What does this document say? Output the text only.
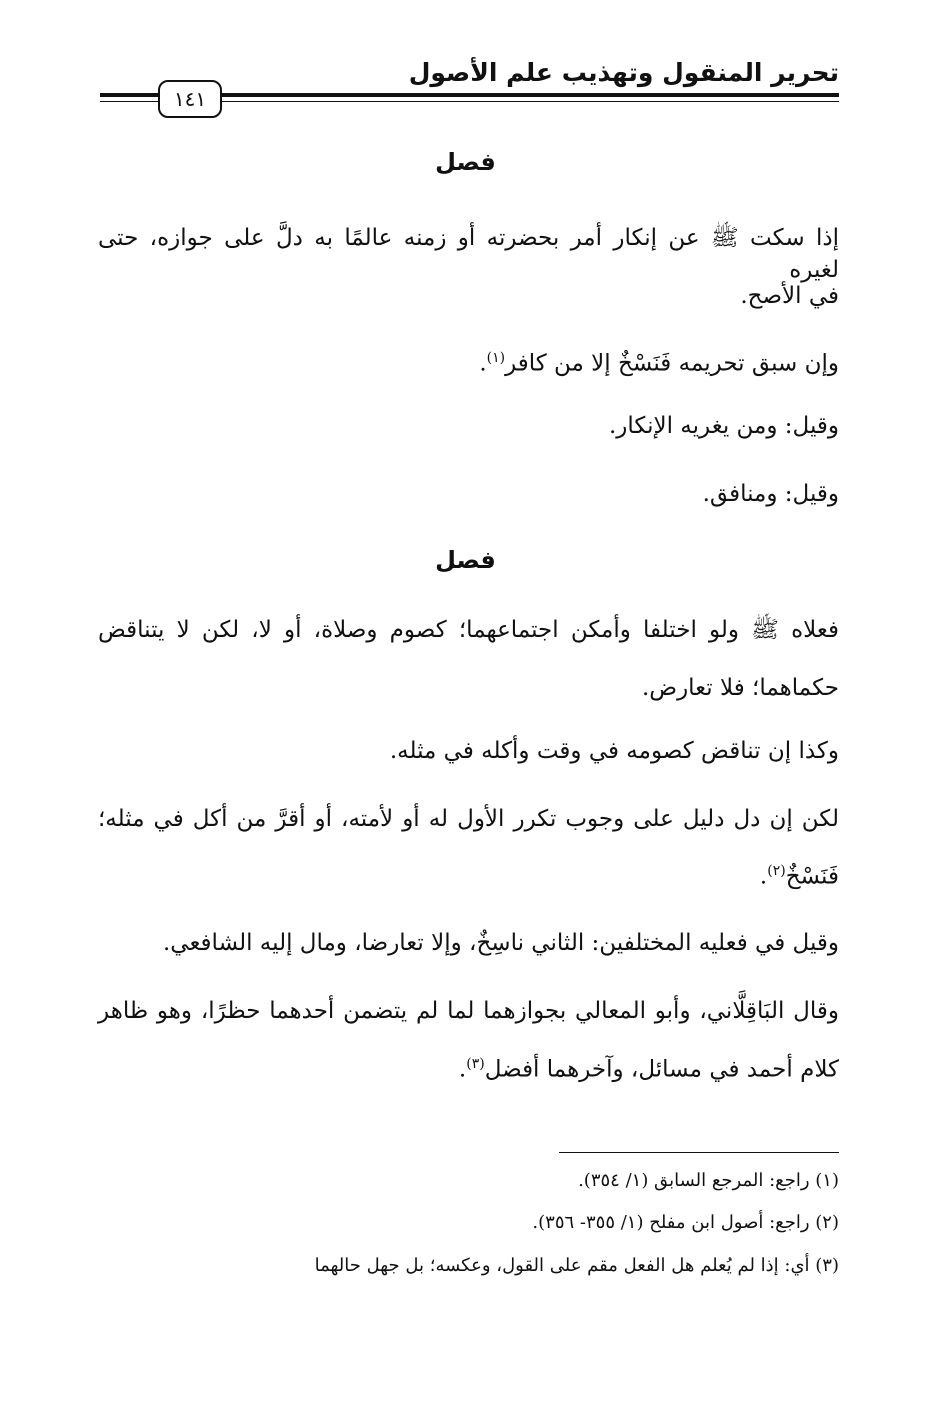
تحرير المنقول وتهذيب علم الأصول
١٤١
فصل
إذا سكت ﷺ عن إنكار أمر بحضرته أو زمنه عالمًا به دلَّ على جوازه، حتى لغيره
في الأصح.
وإن سبق تحريمه فَنَسْخٌ إلا من كافر$^{(١)}$.
وقيل: ومن يغريه الإنكار.
وقيل: ومنافق.
فصل
فعلاه ﷺ ولو اختلفا وأمكن اجتماعهما؛ كصوم وصلاة، أو لا، لكن لا يتناقض
حكماهما؛ فلا تعارض.
وكذا إن تناقض كصومه في وقت وأكله في مثله.
لكن إن دل دليل على وجوب تكرر الأول له أو لأمته، أو أقرَّ من أكل في مثله؛
فَنَسْخٌ$^{(٢)}$.
وقيل في فعليه المختلفين: الثاني ناسِخٌ، وإلا تعارضا، ومال إليه الشافعي.
وقال البَاقِلَّاني، وأبو المعالي بجوازهما لما لم يتضمن أحدهما حظرًا، وهو ظاهر
كلام أحمد في مسائل، وآخرهما أفضل$^{(٣)}$.
(١) راجع: المرجع السابق (١/ ٣٥٤).
(٢) راجع: أصول ابن مفلح (١/ ٣٥٥- ٣٥٦).
(٣) أي: إذا لم يُعلم هل الفعل مقم على القول، وعكسه؛ بل جهل حالهما
